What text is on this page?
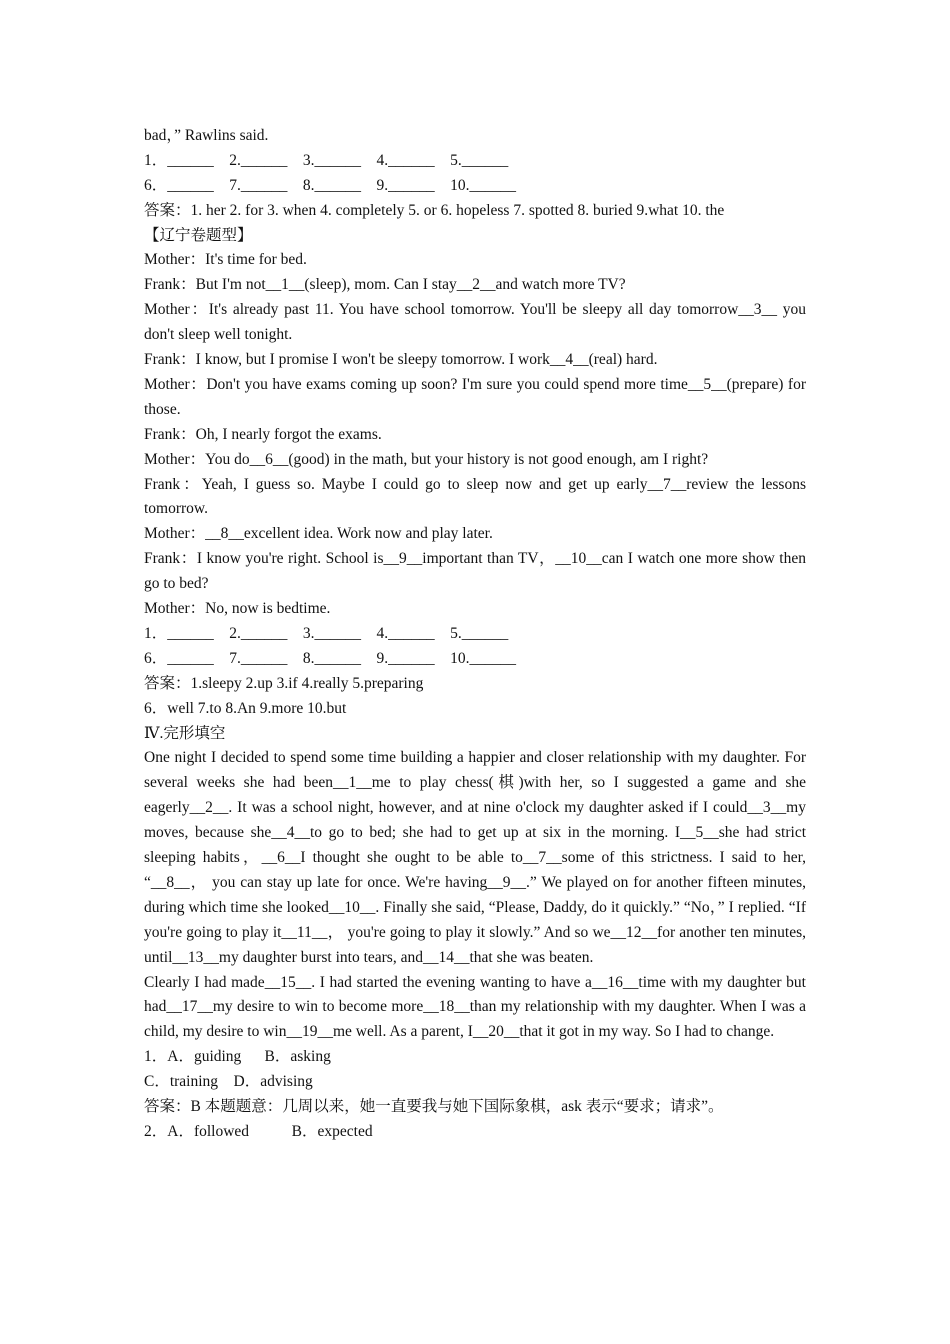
bad，” Rawlins said.
1．______    2.______    3.______    4.______    5.______
6．______    7.______    8.______    9.______    10.______
答案：1. her 2. for 3. when 4. completely 5. or 6. hopeless 7. spotted 8. buried 9.what 10. the
【辽宁卷题型】
Mother：It's time for bed.
Frank：But I'm not__1__(sleep), mom. Can I stay__2__and watch more TV?
Mother：It's already past 11. You have school tomorrow. You'll be sleepy all day tomorrow__3__ you don't sleep well tonight.
Frank：I know, but I promise I won't be sleepy tomorrow. I work__4__(real) hard.
Mother：Don't you have exams coming up soon? I'm sure you could spend more time__5__(prepare) for those.
Frank：Oh, I nearly forgot the exams.
Mother：You do__6__(good) in the math, but your history is not good enough, am I right?
Frank：Yeah, I guess so. Maybe I could go to sleep now and get up early__7__review the lessons tomorrow.
Mother：__8__excellent idea. Work now and play later.
Frank：I know you're right. School is__9__important than TV，__10__can I watch one more show then go to bed?
Mother：No, now is bedtime.
1．______    2.______    3.______    4.______    5.______
6．______    7.______    8.______    9.______    10.______
答案：1.sleepy 2.up 3.if 4.really 5.preparing
6．well 7.to 8.An 9.more 10.but
Ⅳ.完形填空
One night I decided to spend some time building a happier and closer relationship with my daughter. For several weeks she had been__1__me to play chess(棋)with her, so I suggested a game and she eagerly__2__. It was a school night, however, and at nine o'clock my daughter asked if I could__3__my moves, because she__4__to go to bed; she had to get up at six in the morning. I__5__she had strict sleeping habits，__6__I thought she ought to be able to__7__some of this strictness. I said to her, “__8__， you can stay up late for once. We're having__9__.” We played on for another fifteen minutes, during which time she looked__10__. Finally she said, “Please, Daddy, do it quickly.” “No，” I replied. “If you're going to play it__11__， you're going to play it slowly.” And so we__12__for another ten minutes, until__13__my daughter burst into tears, and__14__that she was beaten.
Clearly I had made__15__. I had started the evening wanting to have a__16__time with my daughter but had__17__my desire to win to become more__18__than my relationship with my daughter. When I was a child, my desire to win__19__me well. As a parent, I__20__that it got in my way. So I had to change.
1．A．guiding      B．asking
C．training    D．advising
答案：B 本题题意：几周以来，她一直要我与她下国际象棋，ask 表示“要求；请求”。
2．A．followed           B．expected
